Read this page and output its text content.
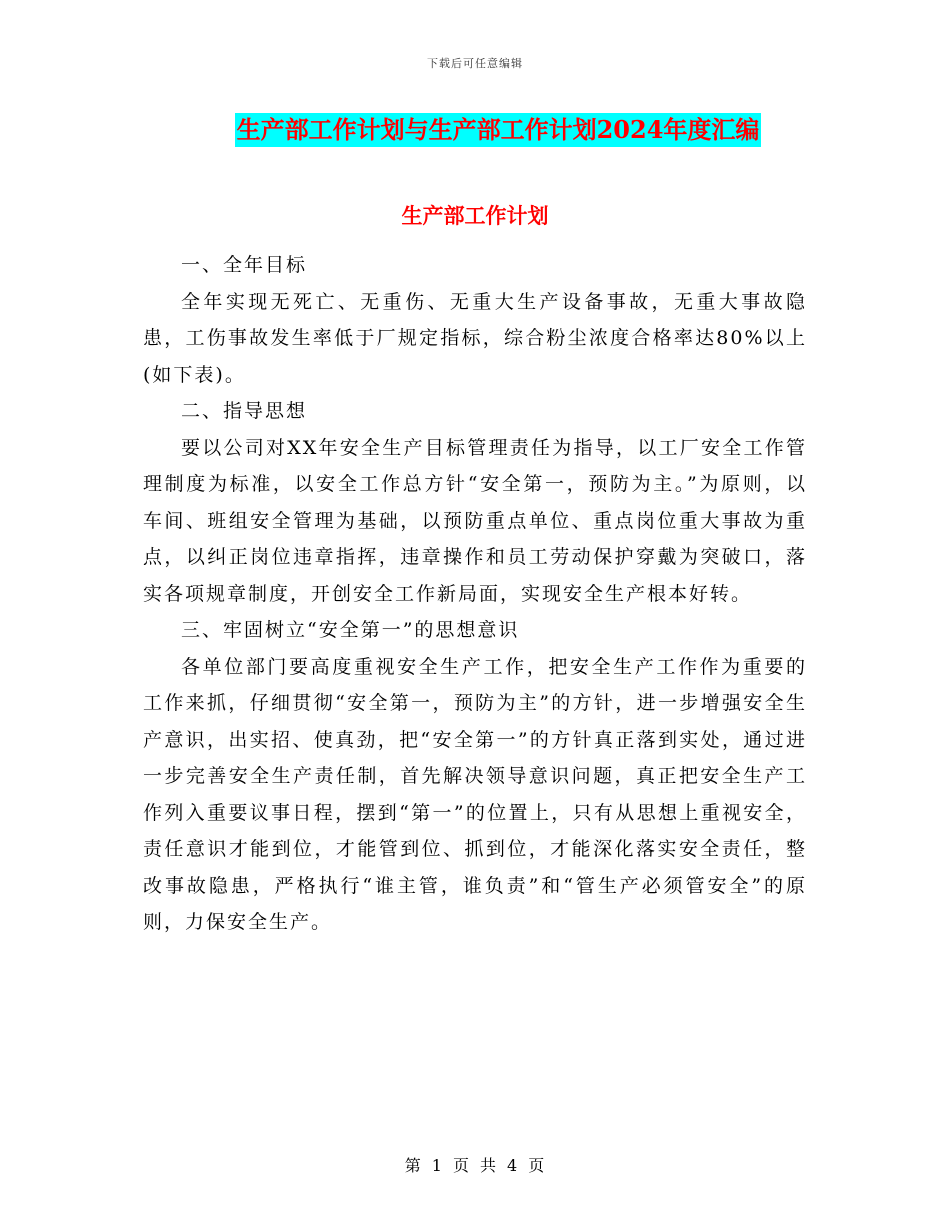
下载后可任意编辑
生产部工作计划与生产部工作计划2024年度汇编
生产部工作计划

一、全年目标

全年实现无死亡、无重伤、无重大生产设备事故，无重大事故隐患，工伤事故发生率低于厂规定指标，综合粉尘浓度合格率达80%以上(如下表)。

二、指导思想

要以公司对XX年安全生产目标管理责任为指导，以工厂安全工作管理制度为标准，以安全工作总方针“安全第一，预防为主。”为原则，以车间、班组安全管理为基础，以预防重点单位、重点岗位重大事故为重点，以纠正岗位违章指挥，违章操作和员工劳动保护穿戴为突破口，落实各项规章制度，开创安全工作新局面，实现安全生产根本好转。

三、牢固树立“安全第一”的思想意识

各单位部门要高度重视安全生产工作，把安全生产工作作为重要的工作来抓，仔细贯彻“安全第一，预防为主”的方针，进一步增强安全生产意识，出实招、使真劲，把“安全第一”的方针真正落到实处，通过进一步完善安全生产责任制，首先解决领导意识问题，真正把安全生产工作列入重要议事日程，摆到“第一”的位置上，只有从思想上重视安全，责任意识才能到位，才能管到位、抓到位，才能深化落实安全责任，整改事故隐患，严格执行“谁主管，谁负责”和“管生产必须管安全”的原则，力保安全生产。

第 1 页 共 4 页
